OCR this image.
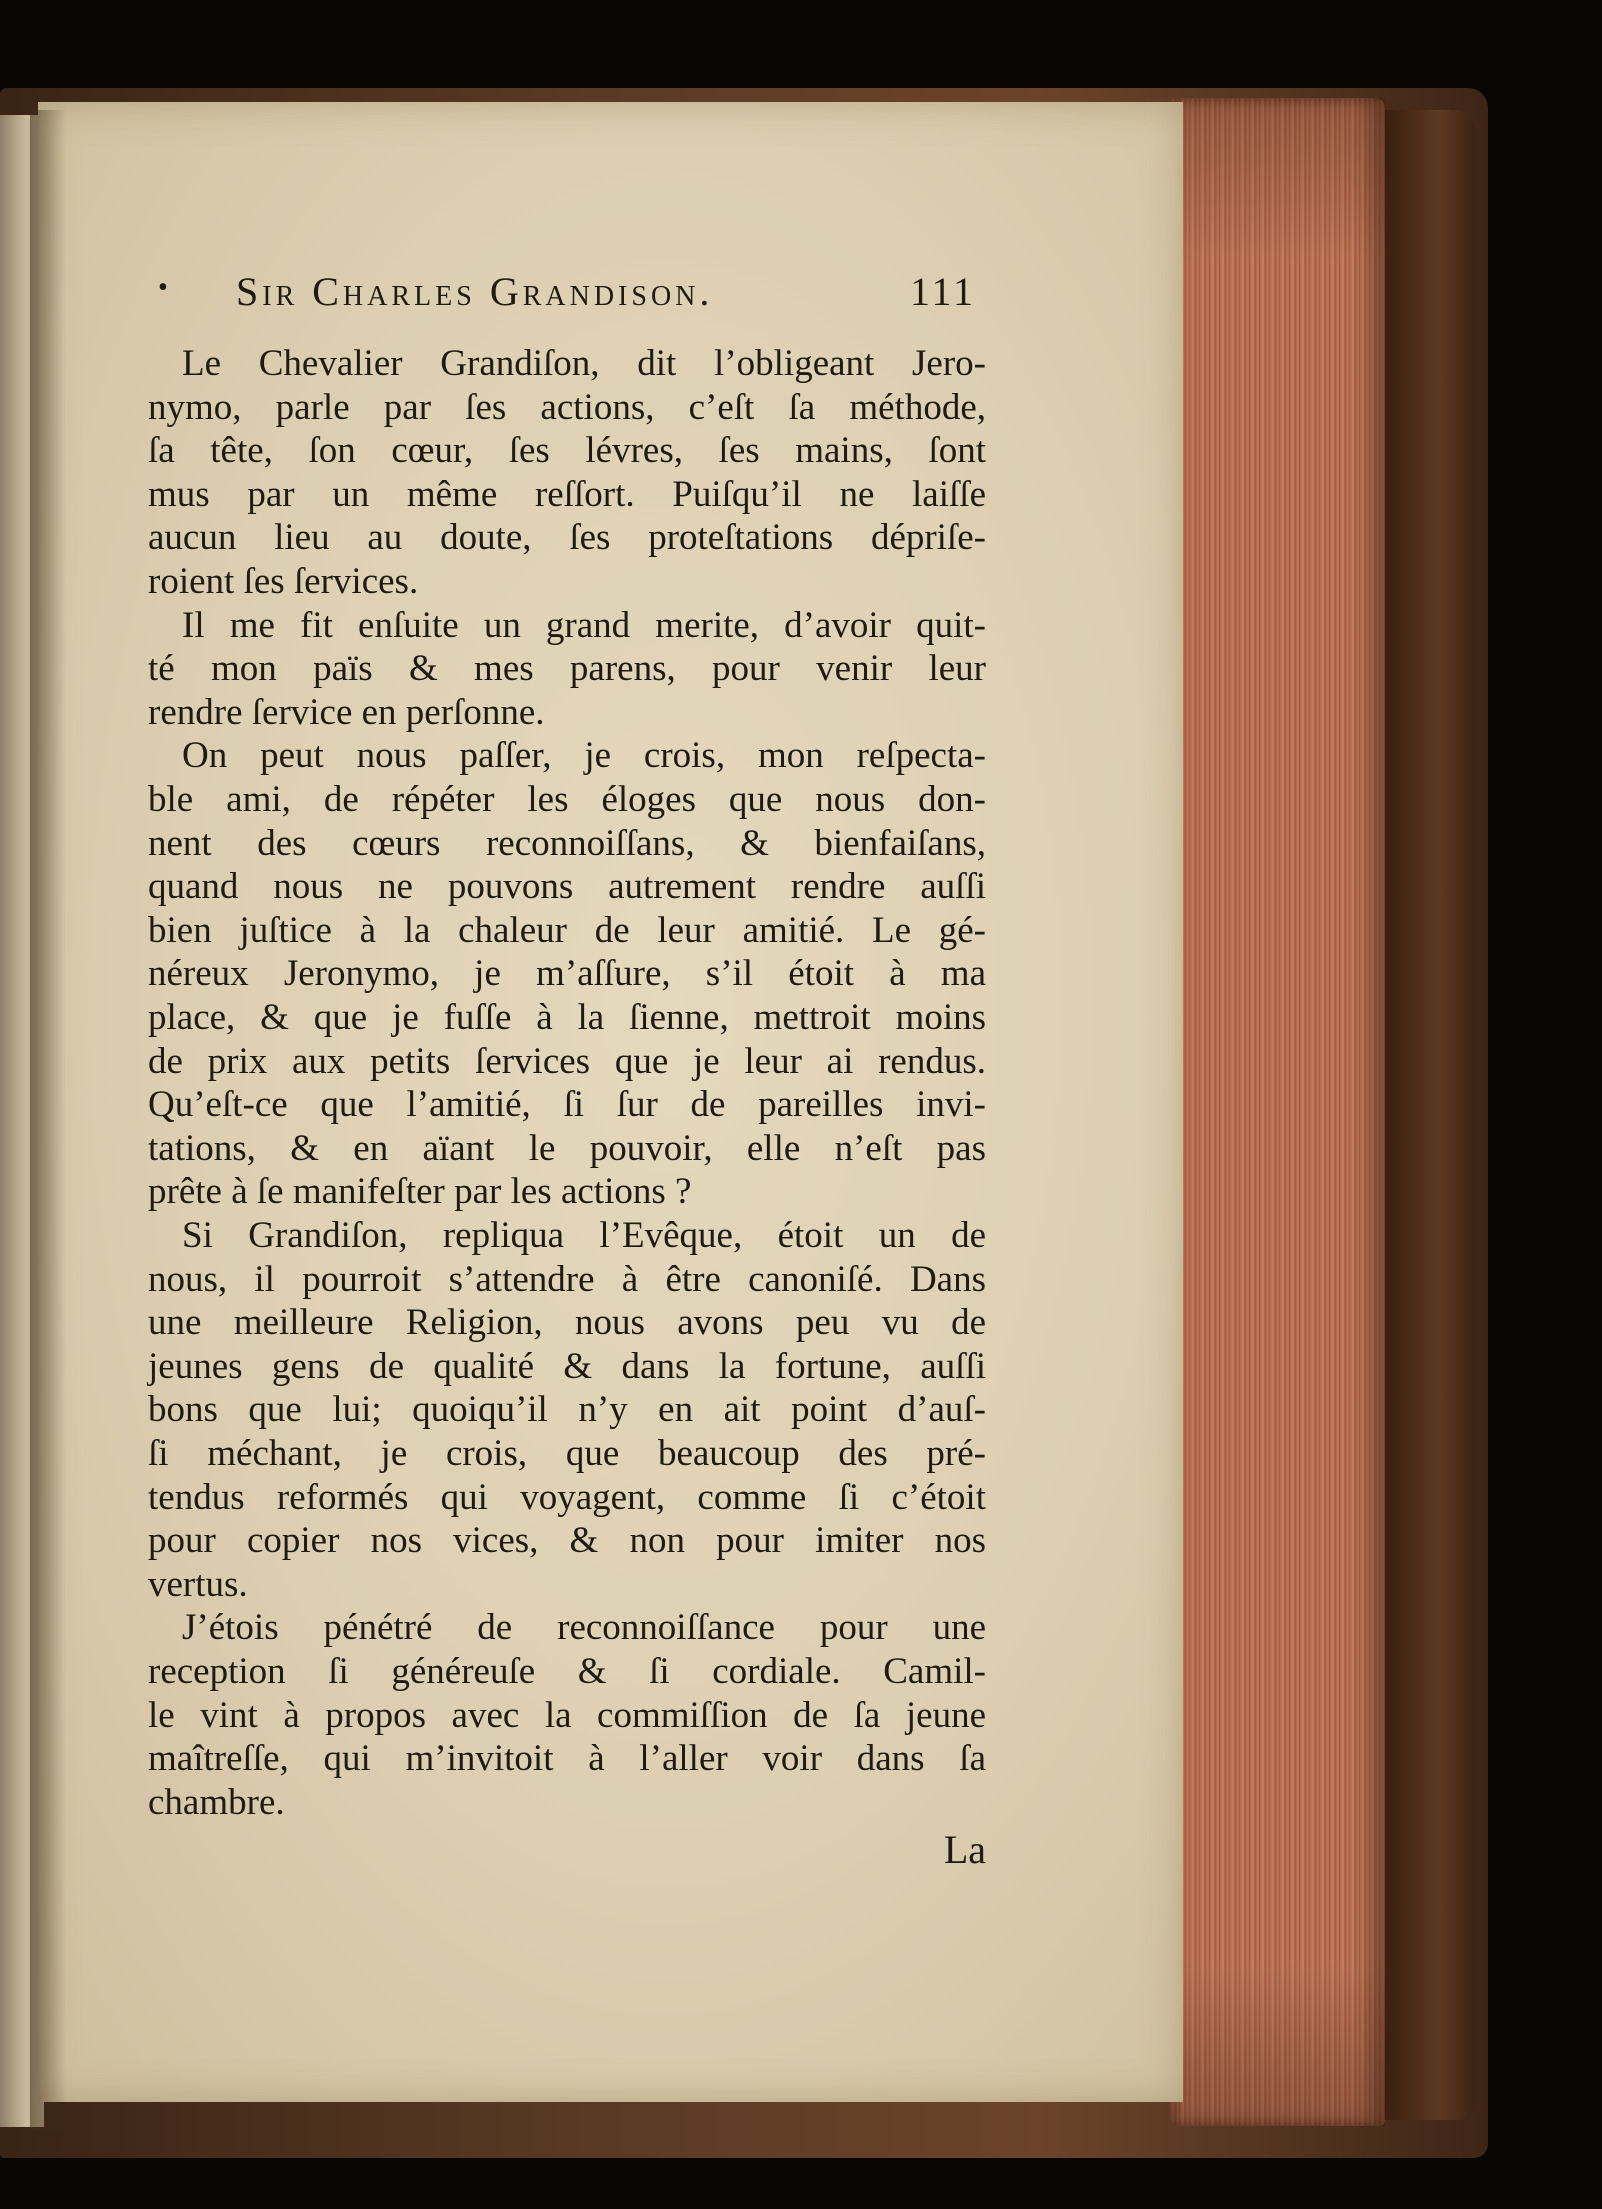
• Sir Charles Grandison.	111
Le Chevalier Grandiſon, dit l’obligeant Jero-
nymo, parle par ſes actions, c’eſt ſa méthode,
ſa tête, ſon cœur, ſes lévres, ſes mains, ſont
mus par un même reſſort. Puiſqu’il ne laiſſe
aucun lieu au doute, ſes proteſtations dépriſe-
roient ſes ſervices.
Il me fit enſuite un grand merite, d’avoir quit-
té mon païs & mes parens, pour venir leur
rendre ſervice en perſonne.
On peut nous paſſer, je crois, mon reſpecta-
ble ami, de répéter les éloges que nous don-
nent des cœurs reconnoiſſans, & bienfaiſans,
quand nous ne pouvons autrement rendre auſſi
bien juſtice à la chaleur de leur amitié. Le gé-
néreux Jeronymo, je m’aſſure, s’il étoit à ma
place, & que je fuſſe à la ſienne, mettroit moins
de prix aux petits ſervices que je leur ai rendus.
Qu’eſt-ce que l’amitié, ſi ſur de pareilles invi-
tations, & en aïant le pouvoir, elle n’eſt pas
prête à ſe manifeſter par les actions ?
Si Grandiſon, repliqua l’Evêque, étoit un de
nous, il pourroit s’attendre à être canoniſé. Dans
une meilleure Religion, nous avons peu vu de
jeunes gens de qualité & dans la fortune, auſſi
bons que lui; quoiqu’il n’y en ait point d’auſ-
ſi méchant, je crois, que beaucoup des pré-
tendus reformés qui voyagent, comme ſi c’étoit
pour copier nos vices, & non pour imiter nos
vertus.
J’étois pénétré de reconnoiſſance pour une
reception ſi généreuſe & ſi cordiale. Camil-
le vint à propos avec la commiſſion de ſa jeune
maîtreſſe, qui m’invitoit à l’aller voir dans ſa
chambre.
La
